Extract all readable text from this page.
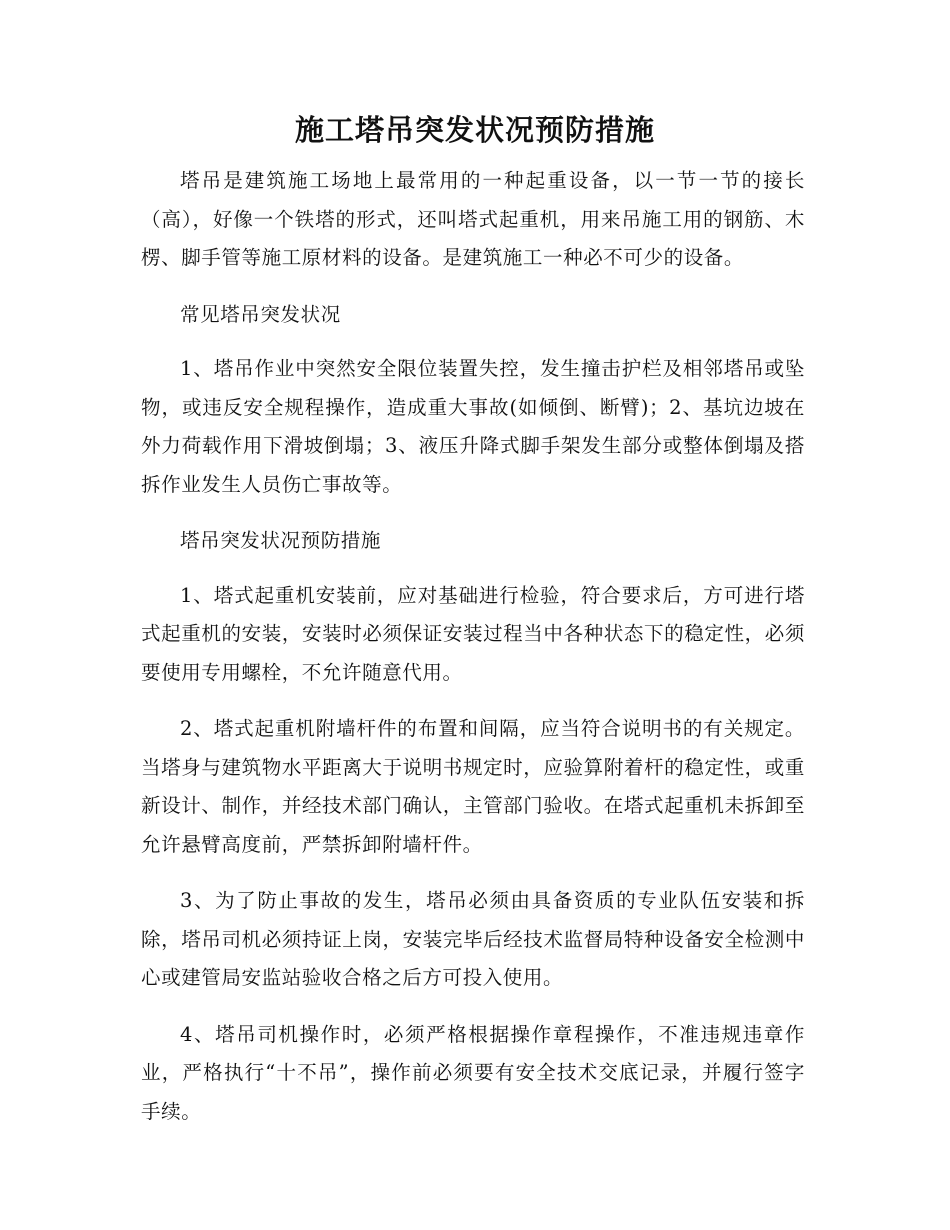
施工塔吊突发状况预防措施

塔吊是建筑施工场地上最常用的一种起重设备，以一节一节的接长（高），好像一个铁塔的形式，还叫塔式起重机，用来吊施工用的钢筋、木楞、脚手管等施工原材料的设备。是建筑施工一种必不可少的设备。

常见塔吊突发状况

1、塔吊作业中突然安全限位装置失控，发生撞击护栏及相邻塔吊或坠物，或违反安全规程操作，造成重大事故(如倾倒、断臂)；2、基坑边坡在外力荷载作用下滑坡倒塌；3、液压升降式脚手架发生部分或整体倒塌及搭拆作业发生人员伤亡事故等。

塔吊突发状况预防措施

1、塔式起重机安装前，应对基础进行检验，符合要求后，方可进行塔式起重机的安装，安装时必须保证安装过程当中各种状态下的稳定性，必须要使用专用螺栓，不允许随意代用。

2、塔式起重机附墙杆件的布置和间隔，应当符合说明书的有关规定。当塔身与建筑物水平距离大于说明书规定时，应验算附着杆的稳定性，或重新设计、制作，并经技术部门确认，主管部门验收。在塔式起重机未拆卸至允许悬臂高度前，严禁拆卸附墙杆件。

3、为了防止事故的发生，塔吊必须由具备资质的专业队伍安装和拆除，塔吊司机必须持证上岗，安装完毕后经技术监督局特种设备安全检测中心或建管局安监站验收合格之后方可投入使用。

4、塔吊司机操作时，必须严格根据操作章程操作，不准违规违章作业，严格执行“十不吊”，操作前必须要有安全技术交底记录，并履行签字手续。
